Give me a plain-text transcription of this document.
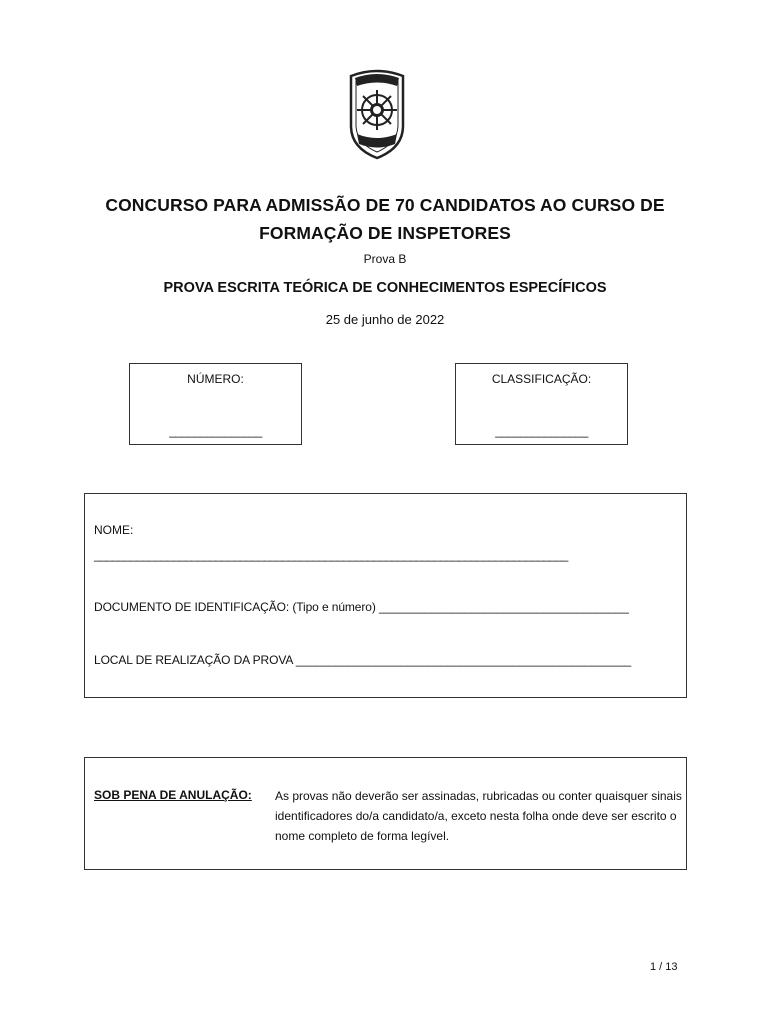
CONCURSO PARA ADMISSÃO DE 70 CANDIDATOS AO CURSO DE
FORMAÇÃO DE INSPETORES
Prova B
PROVA ESCRITA TEÓRICA DE CONHECIMENTOS ESPECÍFICOS
25 de junho de 2022
NÚMERO:
_______________
CLASSIFICAÇÃO:
_______________
NOME:
______________________________________________________________________________
DOCUMENTO DE IDENTIFICAÇÃO: (Tipo e número) ______________________________________
LOCAL DE REALIZAÇÃO DA PROVA ___________________________________________________
SOB PENA DE ANULAÇÃO: As provas não deverão ser assinadas, rubricadas ou conter quaisquer sinais identificadores do/a candidato/a, exceto nesta folha onde deve ser escrito o nome completo de forma legível.
1 / 13
